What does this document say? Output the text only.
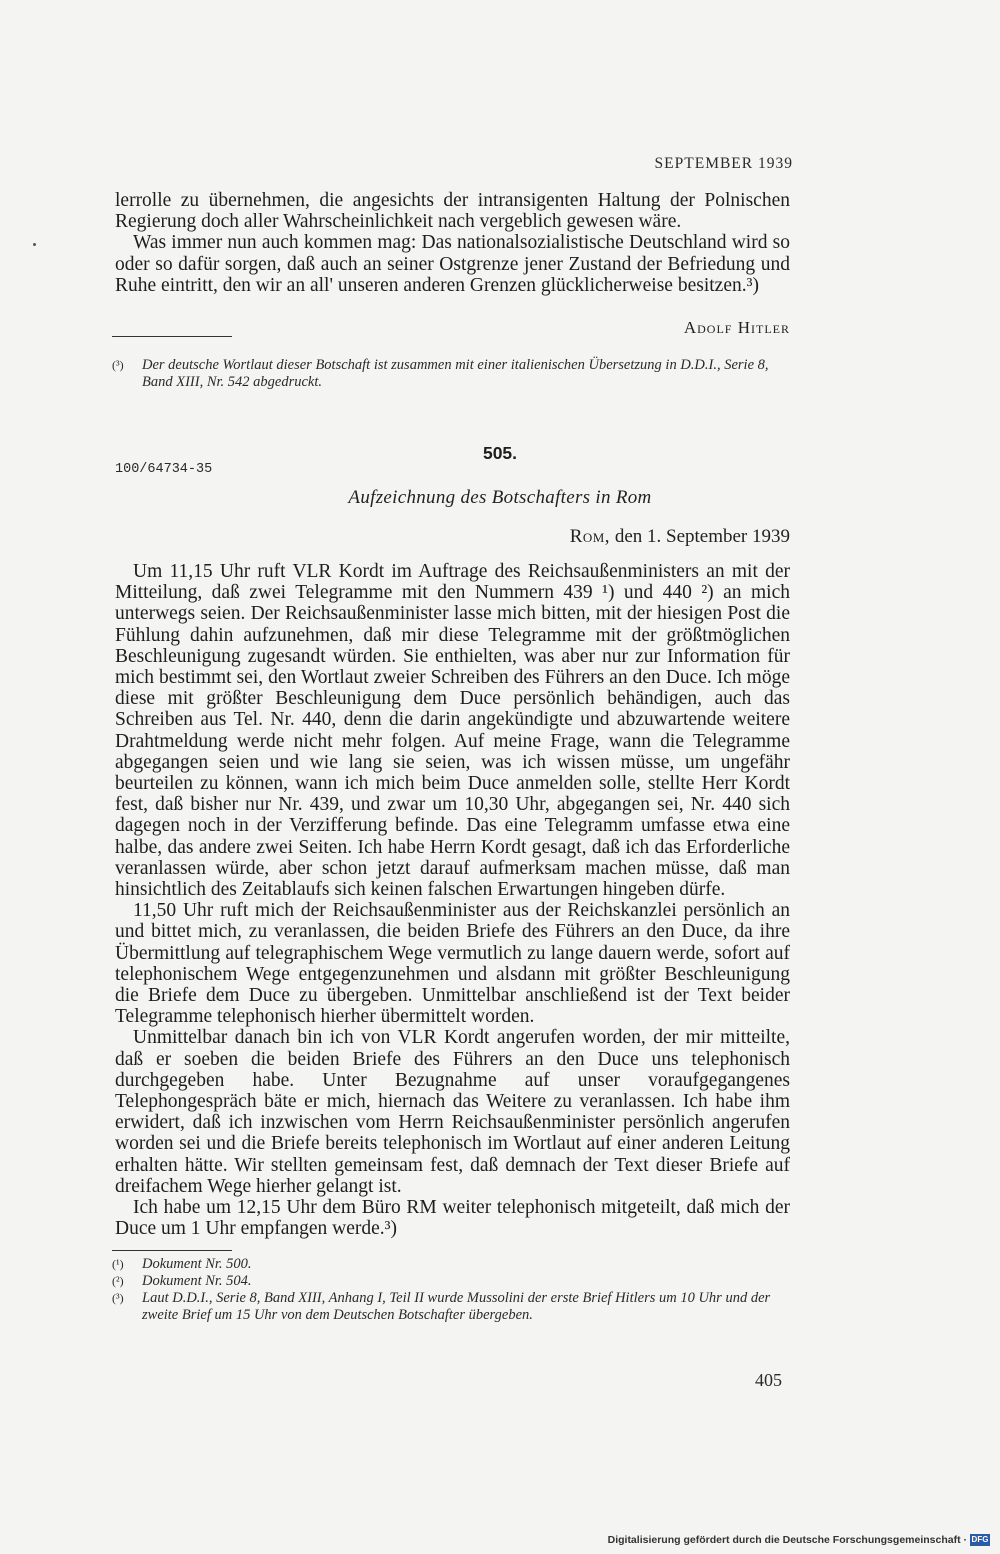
SEPTEMBER 1939

lerrolle zu übernehmen, die angesichts der intransigenten Haltung der Polnischen Regierung doch aller Wahrscheinlichkeit nach vergeblich gewesen wäre.

Was immer nun auch kommen mag: Das nationalsozialistische Deutschland wird so oder so dafür sorgen, daß auch an seiner Ostgrenze jener Zustand der Befriedung und Ruhe eintritt, den wir an all' unseren anderen Grenzen glücklicherweise besitzen.³)

Adolf Hitler
(³)	Der deutsche Wortlaut dieser Botschaft ist zusammen mit einer italienischen Übersetzung in D.D.I., Serie 8, Band XIII, Nr. 542 abgedruckt.
505.
100/64734-35
Aufzeichnung des Botschafters in Rom
Rom, den 1. September 1939

Um 11,15 Uhr ruft VLR Kordt im Auftrage des Reichsaußenministers an mit der Mitteilung, daß zwei Telegramme mit den Nummern 439 ¹) und 440 ²) an mich unterwegs seien. Der Reichsaußenminister lasse mich bitten, mit der hiesigen Post die Fühlung dahin aufzunehmen, daß mir diese Telegramme mit der größtmöglichen Beschleunigung zugesandt würden. Sie enthielten, was aber nur zur Information für mich bestimmt sei, den Wortlaut zweier Schreiben des Führers an den Duce. Ich möge diese mit größter Beschleunigung dem Duce persönlich behändigen, auch das Schreiben aus Tel. Nr. 440, denn die darin angekündigte und abzuwartende weitere Drahtmeldung werde nicht mehr folgen. Auf meine Frage, wann die Telegramme abgegangen seien und wie lang sie seien, was ich wissen müsse, um ungefähr beurteilen zu können, wann ich mich beim Duce anmelden solle, stellte Herr Kordt fest, daß bisher nur Nr. 439, und zwar um 10,30 Uhr, abgegangen sei, Nr. 440 sich dagegen noch in der Verzifferung befinde. Das eine Telegramm umfasse etwa eine halbe, das andere zwei Seiten. Ich habe Herrn Kordt gesagt, daß ich das Erforderliche veranlassen würde, aber schon jetzt darauf aufmerksam machen müsse, daß man hinsichtlich des Zeitablaufs sich keinen falschen Erwartungen hingeben dürfe.

11,50 Uhr ruft mich der Reichsaußenminister aus der Reichskanzlei persönlich an und bittet mich, zu veranlassen, die beiden Briefe des Führers an den Duce, da ihre Übermittlung auf telegraphischem Wege vermutlich zu lange dauern werde, sofort auf telephonischem Wege entgegenzunehmen und alsdann mit größter Beschleunigung die Briefe dem Duce zu übergeben. Unmittelbar anschließend ist der Text beider Telegramme telephonisch hierher übermittelt worden.

Unmittelbar danach bin ich von VLR Kordt angerufen worden, der mir mitteilte, daß er soeben die beiden Briefe des Führers an den Duce uns telephonisch durchgegeben habe. Unter Bezugnahme auf unser voraufgegangenes Telephongespräch bäte er mich, hiernach das Weitere zu veranlassen. Ich habe ihm erwidert, daß ich inzwischen vom Herrn Reichsaußenminister persönlich angerufen worden sei und die Briefe bereits telephonisch im Wortlaut auf einer anderen Leitung erhalten hätte. Wir stellten gemeinsam fest, daß demnach der Text dieser Briefe auf dreifachem Wege hierher gelangt ist.

Ich habe um 12,15 Uhr dem Büro RM weiter telephonisch mitgeteilt, daß mich der Duce um 1 Uhr empfangen werde.³)

(¹)	Dokument Nr. 500.
(²)	Dokument Nr. 504.
(³)	Laut D.D.I., Serie 8, Band XIII, Anhang I, Teil II wurde Mussolini der erste Brief Hitlers um 10 Uhr und der zweite Brief um 15 Uhr von dem Deutschen Botschafter übergeben.
405
Digitalisierung gefördert durch die Deutsche Forschungsgemeinschaft · DFG
